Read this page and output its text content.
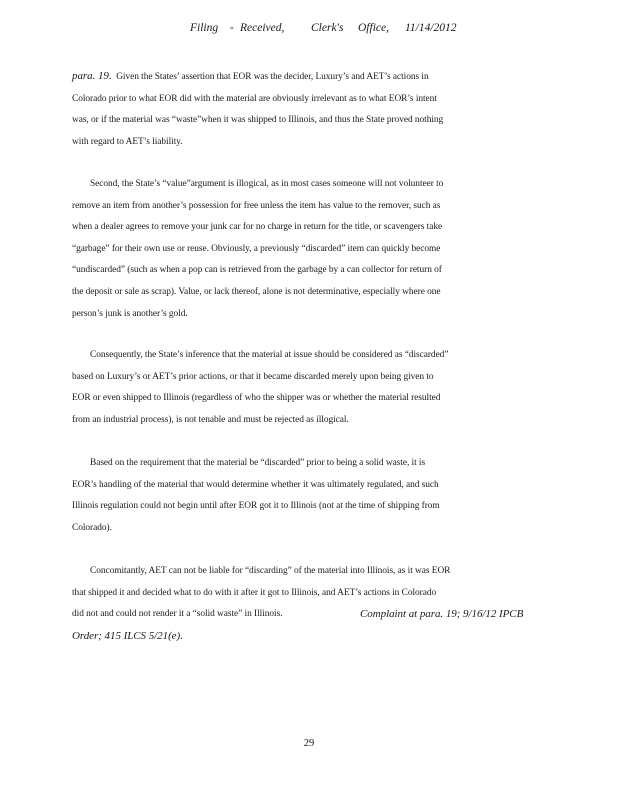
Filing - Received, Clerk's Office, 11/14/2012
para. 19. Given the States’ assertion that EOR was the decider, Luxury’s and AET’s actions in
Colorado prior to what EOR did with the material are obviously irrelevant as to what EOR’s intent
was, or if the material was “waste”when it was shipped to Illinois, and thus the State proved nothing
with regard to AET’s liability.
Second, the State’s “value”argument is illogical, as in most cases someone will not volunteer to
remove an item from another’s possession for free unless the item has value to the remover, such as
when a dealer agrees to remove your junk car for no charge in return for the title, or scavengers take
“garbage” for their own use or reuse. Obviously, a previously “discarded” item can quickly become
“undiscarded” (such as when a pop can is retrieved from the garbage by a can collector for return of
the deposit or sale as scrap). Value, or lack thereof, alone is not determinative, especially where one
person’s junk is another’s gold.
Consequently, the State’s inference that the material at issue should be considered as “discarded”
based on Luxury’s or AET’s prior actions, or that it became discarded merely upon being given to
EOR or even shipped to Illinois (regardless of who the shipper was or whether the material resulted
from an industrial process), is not tenable and must be rejected as illogical.
Based on the requirement that the material be “discarded” prior to being a solid waste, it is
EOR’s handling of the material that would determine whether it was ultimately regulated, and such
Illinois regulation could not begin until after EOR got it to Illinois (not at the time of shipping from
Colorado).
Concomitantly, AET can not be liable for “discarding” of the material into Illinois, as it was EOR
that shipped it and decided what to do with it after it got to Illinois, and AET’s actions in Colorado
did not and could not render it a “solid waste” in Illinois.	Complaint at para. 19; 9/16/12 IPCB
Order; 415 ILCS 5/21(e).
29
